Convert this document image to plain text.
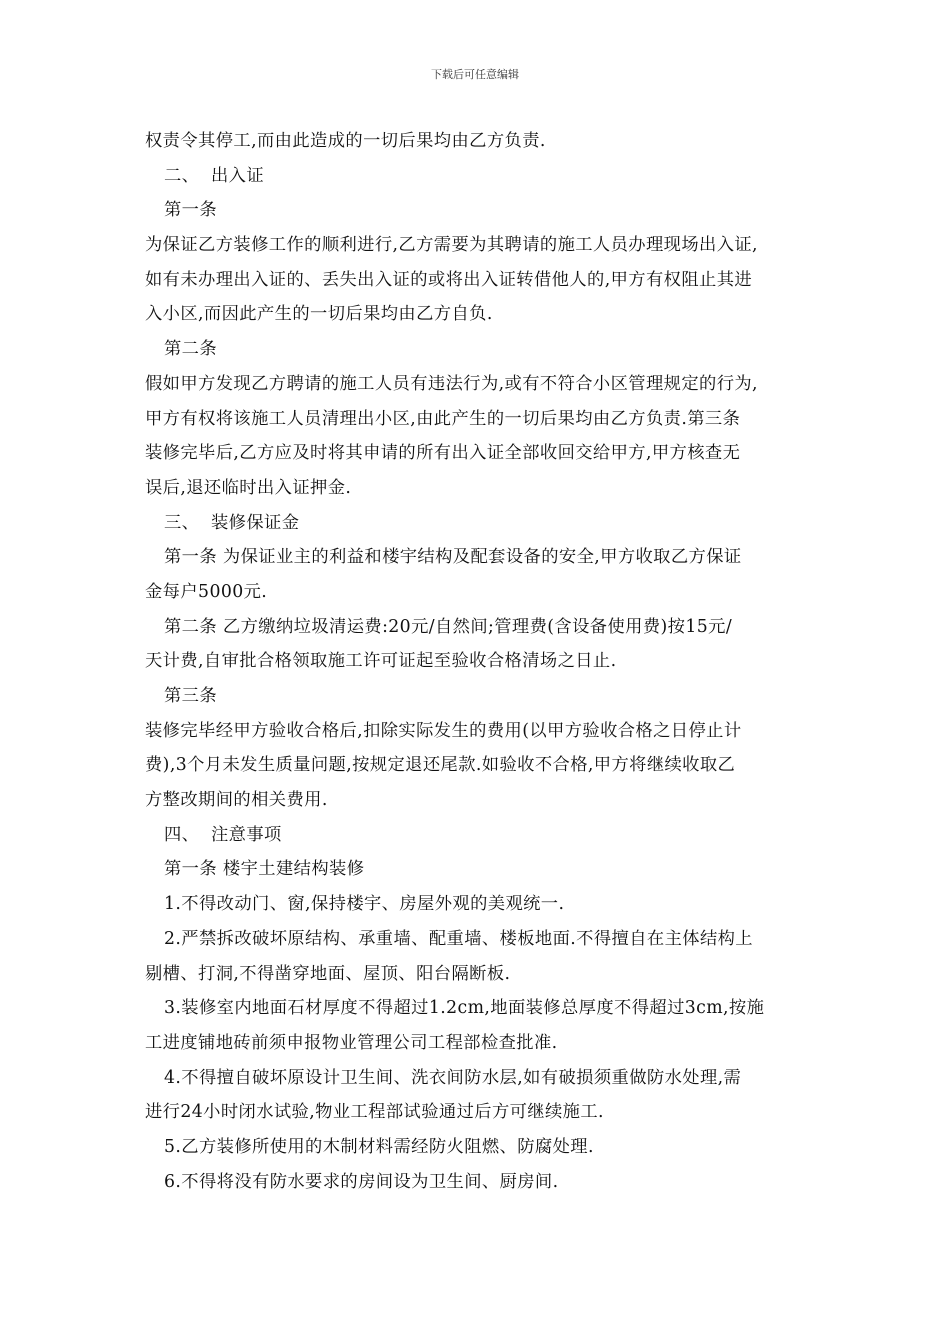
下载后可任意编辑
权责令其停工,而由此造成的一切后果均由乙方负责.
二、 出入证
第一条
为保证乙方装修工作的顺利进行,乙方需要为其聘请的施工人员办理现场出入证,
如有未办理出入证的、丢失出入证的或将出入证转借他人的,甲方有权阻止其进
入小区,而因此产生的一切后果均由乙方自负.
第二条
假如甲方发现乙方聘请的施工人员有违法行为,或有不符合小区管理规定的行为,
甲方有权将该施工人员清理出小区,由此产生的一切后果均由乙方负责.第三条
装修完毕后,乙方应及时将其申请的所有出入证全部收回交给甲方,甲方核查无
误后,退还临时出入证押金.
三、 装修保证金
第一条 为保证业主的利益和楼宇结构及配套设备的安全,甲方收取乙方保证
金每户5000元.
第二条 乙方缴纳垃圾清运费:20元/自然间;管理费(含设备使用费)按15元/
天计费,自审批合格领取施工许可证起至验收合格清场之日止.
第三条
装修完毕经甲方验收合格后,扣除实际发生的费用(以甲方验收合格之日停止计
费),3个月未发生质量问题,按规定退还尾款.如验收不合格,甲方将继续收取乙
方整改期间的相关费用.
四、 注意事项
第一条 楼宇土建结构装修
1.不得改动门、窗,保持楼宇、房屋外观的美观统一.
2.严禁拆改破坏原结构、承重墙、配重墙、楼板地面.不得擅自在主体结构上
剔槽、打洞,不得凿穿地面、屋顶、阳台隔断板.
3.装修室内地面石材厚度不得超过1.2cm,地面装修总厚度不得超过3cm,按施
工进度铺地砖前须申报物业管理公司工程部检查批准.
4.不得擅自破坏原设计卫生间、洗衣间防水层,如有破损须重做防水处理,需
进行24小时闭水试验,物业工程部试验通过后方可继续施工.
5.乙方装修所使用的木制材料需经防火阻燃、防腐处理.
6.不得将没有防水要求的房间设为卫生间、厨房间.
